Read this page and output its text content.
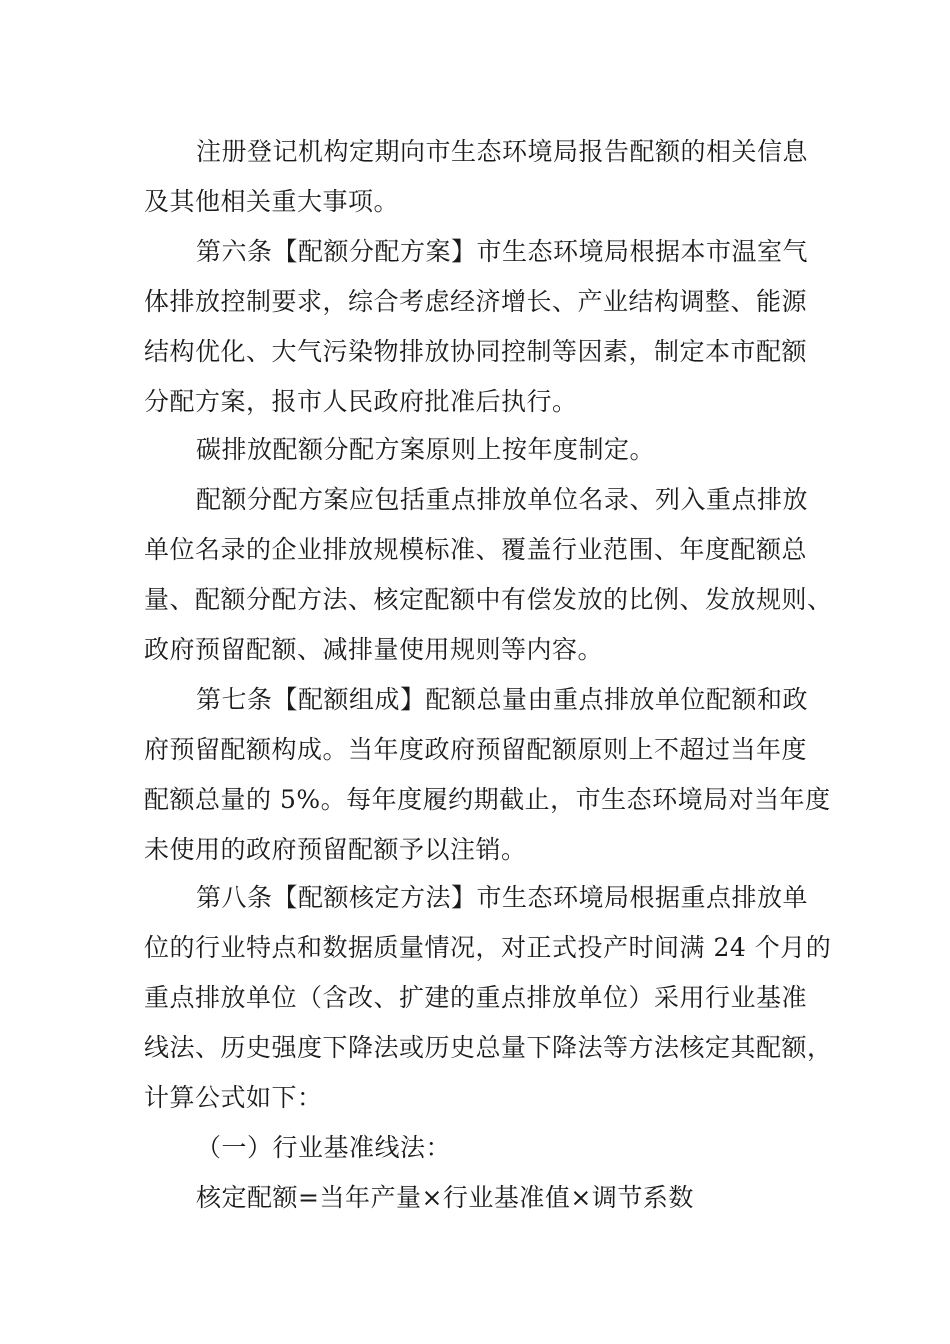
注册登记机构定期向市生态环境局报告配额的相关信息
及其他相关重大事项。
第六条【配额分配方案】市生态环境局根据本市温室气
体排放控制要求，综合考虑经济增长、产业结构调整、能源
结构优化、大气污染物排放协同控制等因素，制定本市配额
分配方案，报市人民政府批准后执行。
碳排放配额分配方案原则上按年度制定。
配额分配方案应包括重点排放单位名录、列入重点排放
单位名录的企业排放规模标准、覆盖行业范围、年度配额总
量、配额分配方法、核定配额中有偿发放的比例、发放规则、
政府预留配额、减排量使用规则等内容。
第七条【配额组成】配额总量由重点排放单位配额和政
府预留配额构成。当年度政府预留配额原则上不超过当年度
配额总量的 5%。每年度履约期截止，市生态环境局对当年度
未使用的政府预留配额予以注销。
第八条【配额核定方法】市生态环境局根据重点排放单
位的行业特点和数据质量情况，对正式投产时间满 24 个月的
重点排放单位（含改、扩建的重点排放单位）采用行业基准
线法、历史强度下降法或历史总量下降法等方法核定其配额，
计算公式如下：
（一）行业基准线法：
核定配额=当年产量×行业基准值×调节系数
